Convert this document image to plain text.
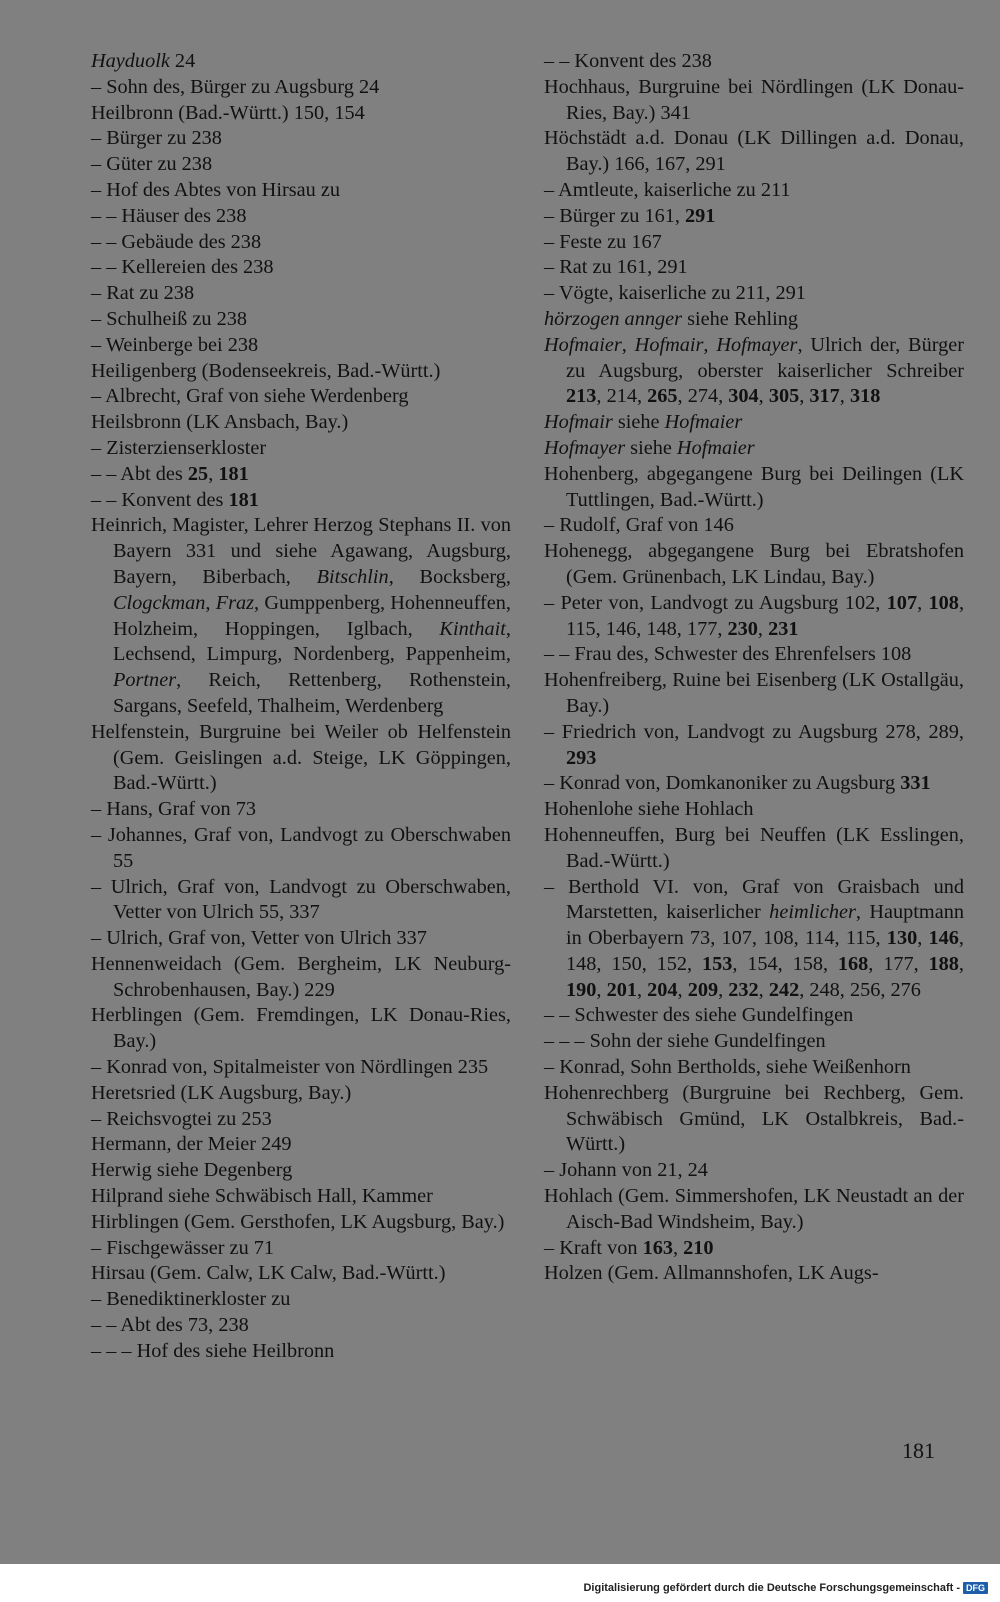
Hayduolk 24
– Sohn des, Bürger zu Augsburg 24
Heilbronn (Bad.-Württ.) 150, 154
– Bürger zu 238
– Güter zu 238
– Hof des Abtes von Hirsau zu
– – Häuser des 238
– – Gebäude des 238
– – Kellereien des 238
– Rat zu 238
– Schulheiß zu 238
– Weinberge bei 238
Heiligenberg (Bodenseekreis, Bad.-Württ.)
– Albrecht, Graf von siehe Werdenberg
Heilsbronn (LK Ansbach, Bay.)
– Zisterzienserkloster
– – Abt des 25, 181
– – Konvent des 181
Heinrich, Magister, Lehrer Herzog Stephans II. von Bayern 331 und siehe Agawang, Augsburg, Bayern, Biberbach, Bitschlin, Bocksberg, Clogckman, Fraz, Gumppenberg, Hohenneuffen, Holzheim, Hoppingen, Iglbach, Kinthait, Lechsend, Limpurg, Nordenberg, Pappenheim, Portner, Reich, Rettenberg, Rothenstein, Sargans, Seefeld, Thalheim, Werdenberg
Helfenstein, Burgruine bei Weiler ob Helfenstein (Gem. Geislingen a.d. Steige, LK Göppingen, Bad.-Württ.)
– Hans, Graf von 73
– Johannes, Graf von, Landvogt zu Oberschwaben 55
– Ulrich, Graf von, Landvogt zu Oberschwaben, Vetter von Ulrich 55, 337
– Ulrich, Graf von, Vetter von Ulrich 337
Hennenweidach (Gem. Bergheim, LK Neuburg-Schrobenhausen, Bay.) 229
Herblingen (Gem. Fremdingen, LK Donau-Ries, Bay.)
– Konrad von, Spitalmeister von Nördlingen 235
Heretsried (LK Augsburg, Bay.)
– Reichsvogtei zu 253
Hermann, der Meier 249
Herwig siehe Degenberg
Hilprand siehe Schwäbisch Hall, Kammer
Hirblingen (Gem. Gersthofen, LK Augsburg, Bay.)
– Fischgewässer zu 71
Hirsau (Gem. Calw, LK Calw, Bad.-Württ.)
– Benediktinerkloster zu
– – Abt des 73, 238
– – – Hof des siehe Heilbronn
– – Konvent des 238
Hochhaus, Burgruine bei Nördlingen (LK Donau-Ries, Bay.) 341
Höchstädt a.d. Donau (LK Dillingen a.d. Donau, Bay.) 166, 167, 291
– Amtleute, kaiserliche zu 211
– Bürger zu 161, 291
– Feste zu 167
– Rat zu 161, 291
– Vögte, kaiserliche zu 211, 291
hörzogen annger siehe Rehling
Hofmaier, Hofmair, Hofmayer, Ulrich der, Bürger zu Augsburg, oberster kaiserlicher Schreiber 213, 214, 265, 274, 304, 305, 317, 318
Hofmair siehe Hofmaier
Hofmayer siehe Hofmaier
Hohenberg, abgegangene Burg bei Deilingen (LK Tuttlingen, Bad.-Württ.)
– Rudolf, Graf von 146
Hohenegg, abgegangene Burg bei Ebratshofen (Gem. Grünenbach, LK Lindau, Bay.)
– Peter von, Landvogt zu Augsburg 102, 107, 108, 115, 146, 148, 177, 230, 231
– – Frau des, Schwester des Ehrenfelsers 108
Hohenfreiberg, Ruine bei Eisenberg (LK Ostallgäu, Bay.)
– Friedrich von, Landvogt zu Augsburg 278, 289, 293
– Konrad von, Domkanoniker zu Augsburg 331
Hohenlohe siehe Hohlach
Hohenneuffen, Burg bei Neuffen (LK Esslingen, Bad.-Württ.)
– Berthold VI. von, Graf von Graisbach und Marstetten, kaiserlicher heimlicher, Hauptmann in Oberbayern 73, 107, 108, 114, 115, 130, 146, 148, 150, 152, 153, 154, 158, 168, 177, 188, 190, 201, 204, 209, 232, 242, 248, 256, 276
– – Schwester des siehe Gundelfingen
– – – Sohn der siehe Gundelfingen
– Konrad, Sohn Bertholds, siehe Weißenhorn
Hohenrechberg (Burgruine bei Rechberg, Gem. Schwäbisch Gmünd, LK Ostalbkreis, Bad.-Württ.)
– Johann von 21, 24
Hohlach (Gem. Simmershofen, LK Neustadt an der Aisch-Bad Windsheim, Bay.)
– Kraft von 163, 210
Holzen (Gem. Allmannshofen, LK Augs-
181
Digitalisierung gefördert durch die Deutsche Forschungsgemeinschaft - DFG
